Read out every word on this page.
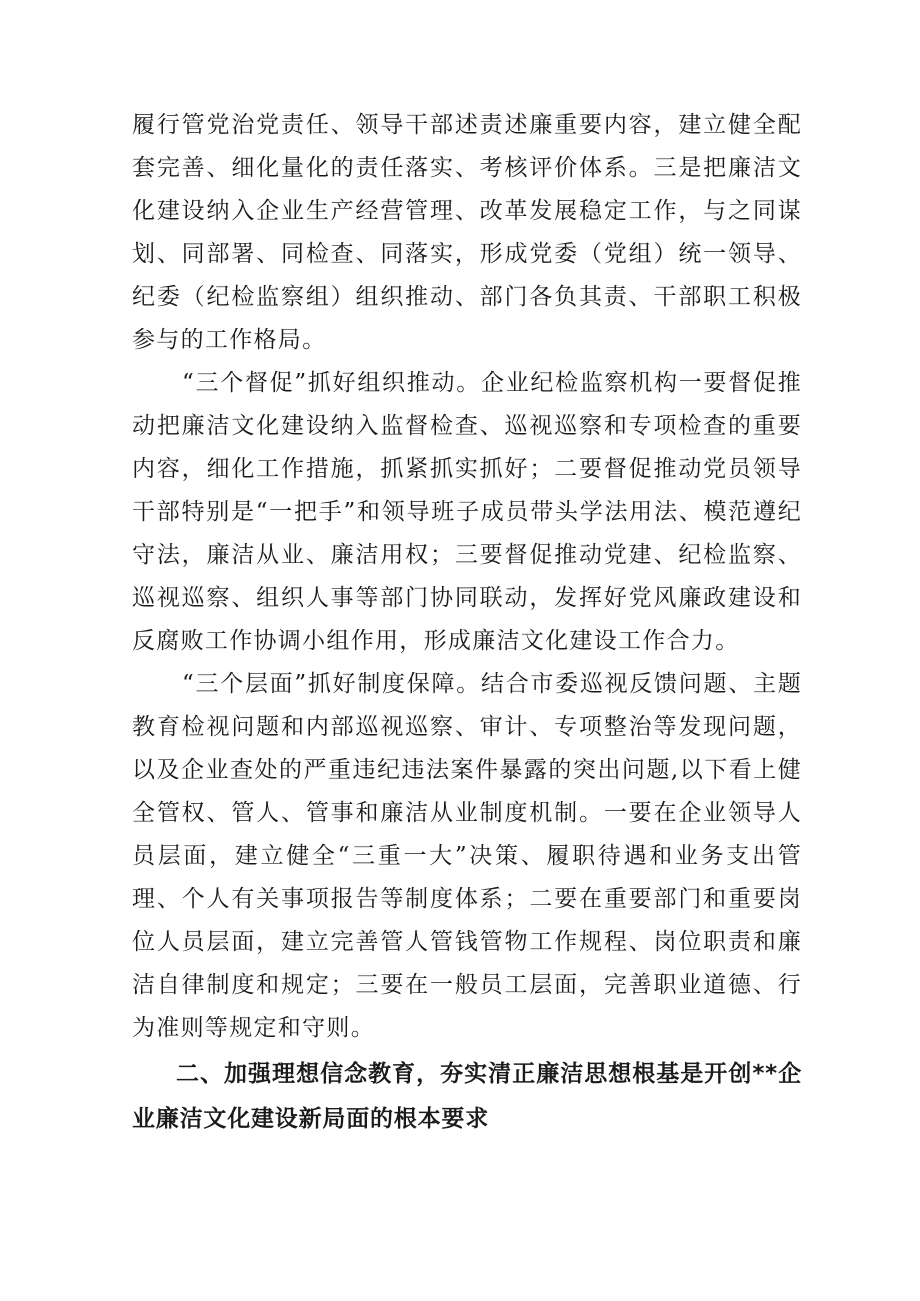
履行管党治党责任、领导干部述责述廉重要内容，建立健全配套完善、细化量化的责任落实、考核评价体系。三是把廉洁文化建设纳入企业生产经营管理、改革发展稳定工作，与之同谋划、同部署、同检查、同落实，形成党委（党组）统一领导、纪委（纪检监察组）组织推动、部门各负其责、干部职工积极参与的工作格局。

“三个督促”抓好组织推动。企业纪检监察机构一要督促推动把廉洁文化建设纳入监督检查、巡视巡察和专项检查的重要内容，细化工作措施，抓紧抓实抓好；二要督促推动党员领导干部特别是“一把手”和领导班子成员带头学法用法、模范遵纪守法，廉洁从业、廉洁用权；三要督促推动党建、纪检监察、巡视巡察、组织人事等部门协同联动，发挥好党风廉政建设和反腐败工作协调小组作用，形成廉洁文化建设工作合力。

“三个层面”抓好制度保障。结合市委巡视反馈问题、主题教育检视问题和内部巡视巡察、审计、专项整治等发现问题，以及企业查处的严重违纪违法案件暴露的突出问题,以下看上健全管权、管人、管事和廉洁从业制度机制。一要在企业领导人员层面，建立健全“三重一大”决策、履职待遇和业务支出管理、个人有关事项报告等制度体系；二要在重要部门和重要岗位人员层面，建立完善管人管钱管物工作规程、岗位职责和廉洁自律制度和规定；三要在一般员工层面，完善职业道德、行为准则等规定和守则。

二、加强理想信念教育，夯实清正廉洁思想根基是开创**企业廉洁文化建设新局面的根本要求
